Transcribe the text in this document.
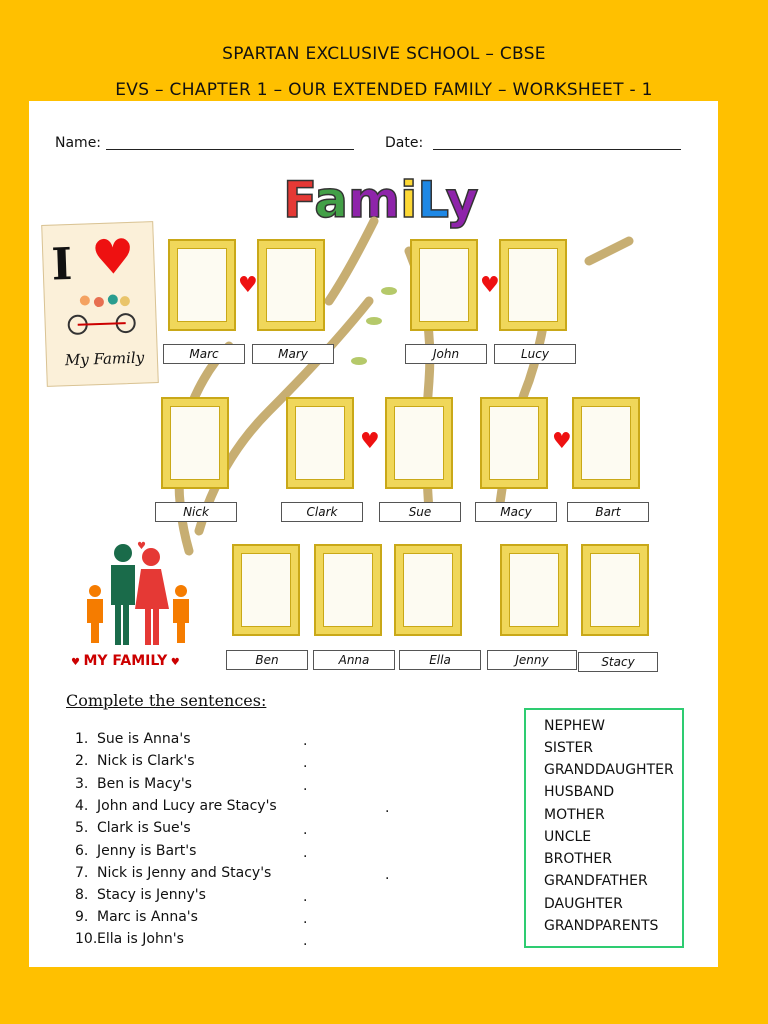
SPARTAN EXCLUSIVE SCHOOL – CBSE
EVS – CHAPTER 1 – OUR EXTENDED FAMILY – WORKSHEET - 1
Name:	Date:
FamiLy
I ♥
My Family
♥	♥
Marc	Mary	John	Lucy
♥	♥
Nick	Clark	Sue	Macy	Bart
Ben	Anna	Ella	Jenny	Stacy
♥
♥ MY FAMILY ♥
Complete the sentences:
1. Sue is Anna's
2. Nick is Clark's
3. Ben is Macy's
4. John and Lucy are Stacy's
5. Clark is Sue's
6. Jenny is Bart's
7. Nick is Jenny and Stacy's
8. Stacy is Jenny's
9. Marc is Anna's
10.Ella is John's
.
.
.
.
.
.
.
.
.
.
NEPHEW
SISTER
GRANDDAUGHTER
HUSBAND
MOTHER
UNCLE
BROTHER
GRANDFATHER
DAUGHTER
GRANDPARENTS
